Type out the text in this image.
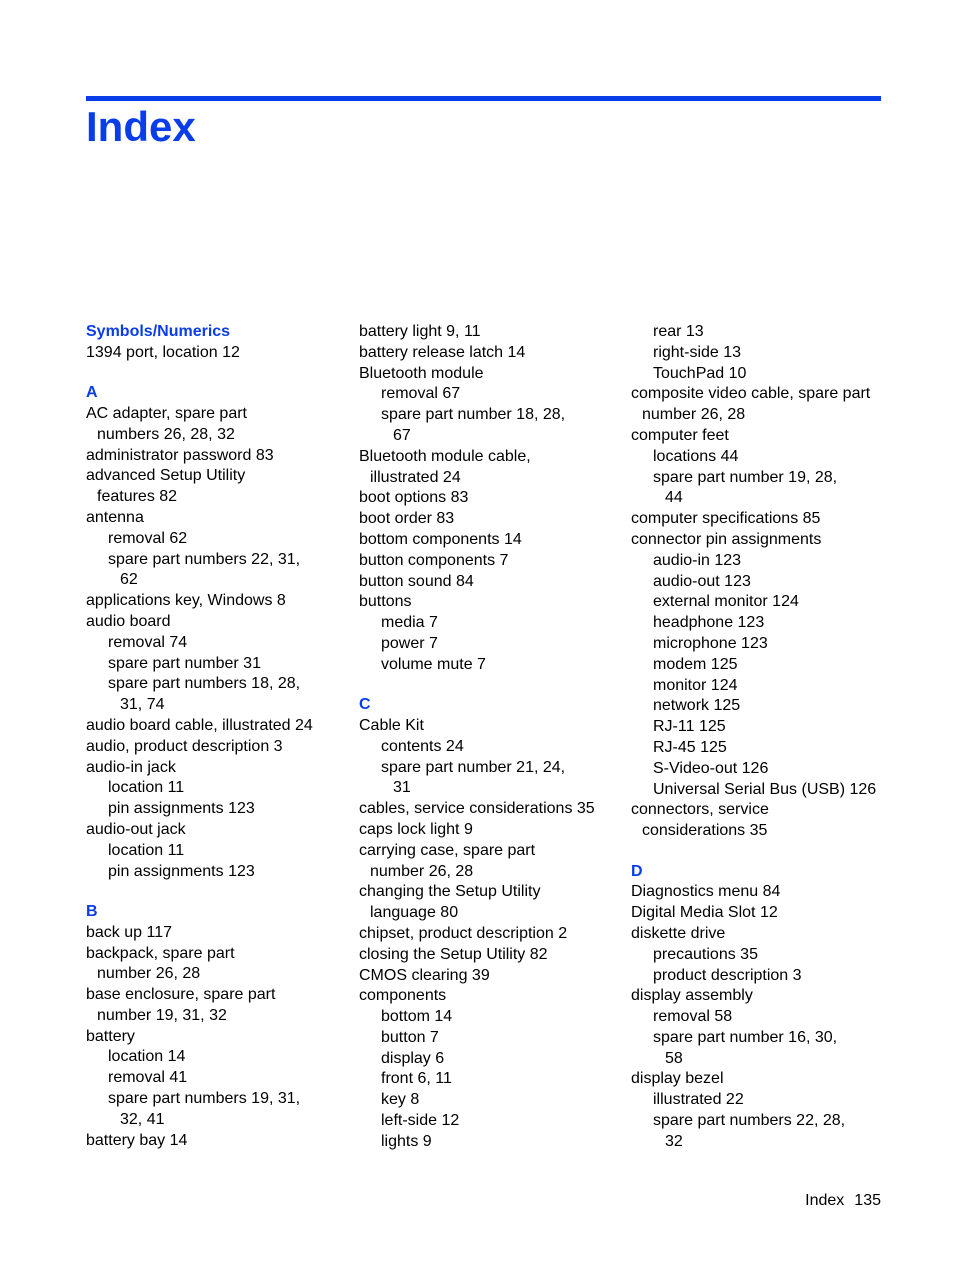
Index
Symbols/Numerics
1394 port, location 12
A
AC adapter, spare part
numbers 26, 28, 32
administrator password 83
advanced Setup Utility
features 82
antenna
removal 62
spare part numbers 22, 31,
62
applications key, Windows 8
audio board
removal 74
spare part number 31
spare part numbers 18, 28,
31, 74
audio board cable, illustrated 24
audio, product description 3
audio-in jack
location 11
pin assignments 123
audio-out jack
location 11
pin assignments 123
B
back up 117
backpack, spare part
number 26, 28
base enclosure, spare part
number 19, 31, 32
battery
location 14
removal 41
spare part numbers 19, 31,
32, 41
battery bay 14
battery light 9, 11
battery release latch 14
Bluetooth module
removal 67
spare part number 18, 28,
67
Bluetooth module cable,
illustrated 24
boot options 83
boot order 83
bottom components 14
button components 7
button sound 84
buttons
media 7
power 7
volume mute 7
C
Cable Kit
contents 24
spare part number 21, 24,
31
cables, service considerations 35
caps lock light 9
carrying case, spare part
number 26, 28
changing the Setup Utility
language 80
chipset, product description 2
closing the Setup Utility 82
CMOS clearing 39
components
bottom 14
button 7
display 6
front 6, 11
key 8
left-side 12
lights 9
rear 13
right-side 13
TouchPad 10
composite video cable, spare part
number 26, 28
computer feet
locations 44
spare part number 19, 28,
44
computer specifications 85
connector pin assignments
audio-in 123
audio-out 123
external monitor 124
headphone 123
microphone 123
modem 125
monitor 124
network 125
RJ-11 125
RJ-45 125
S-Video-out 126
Universal Serial Bus (USB) 126
connectors, service
considerations 35
D
Diagnostics menu 84
Digital Media Slot 12
diskette drive
precautions 35
product description 3
display assembly
removal 58
spare part number 16, 30,
58
display bezel
illustrated 22
spare part numbers 22, 28,
32
Index 135
